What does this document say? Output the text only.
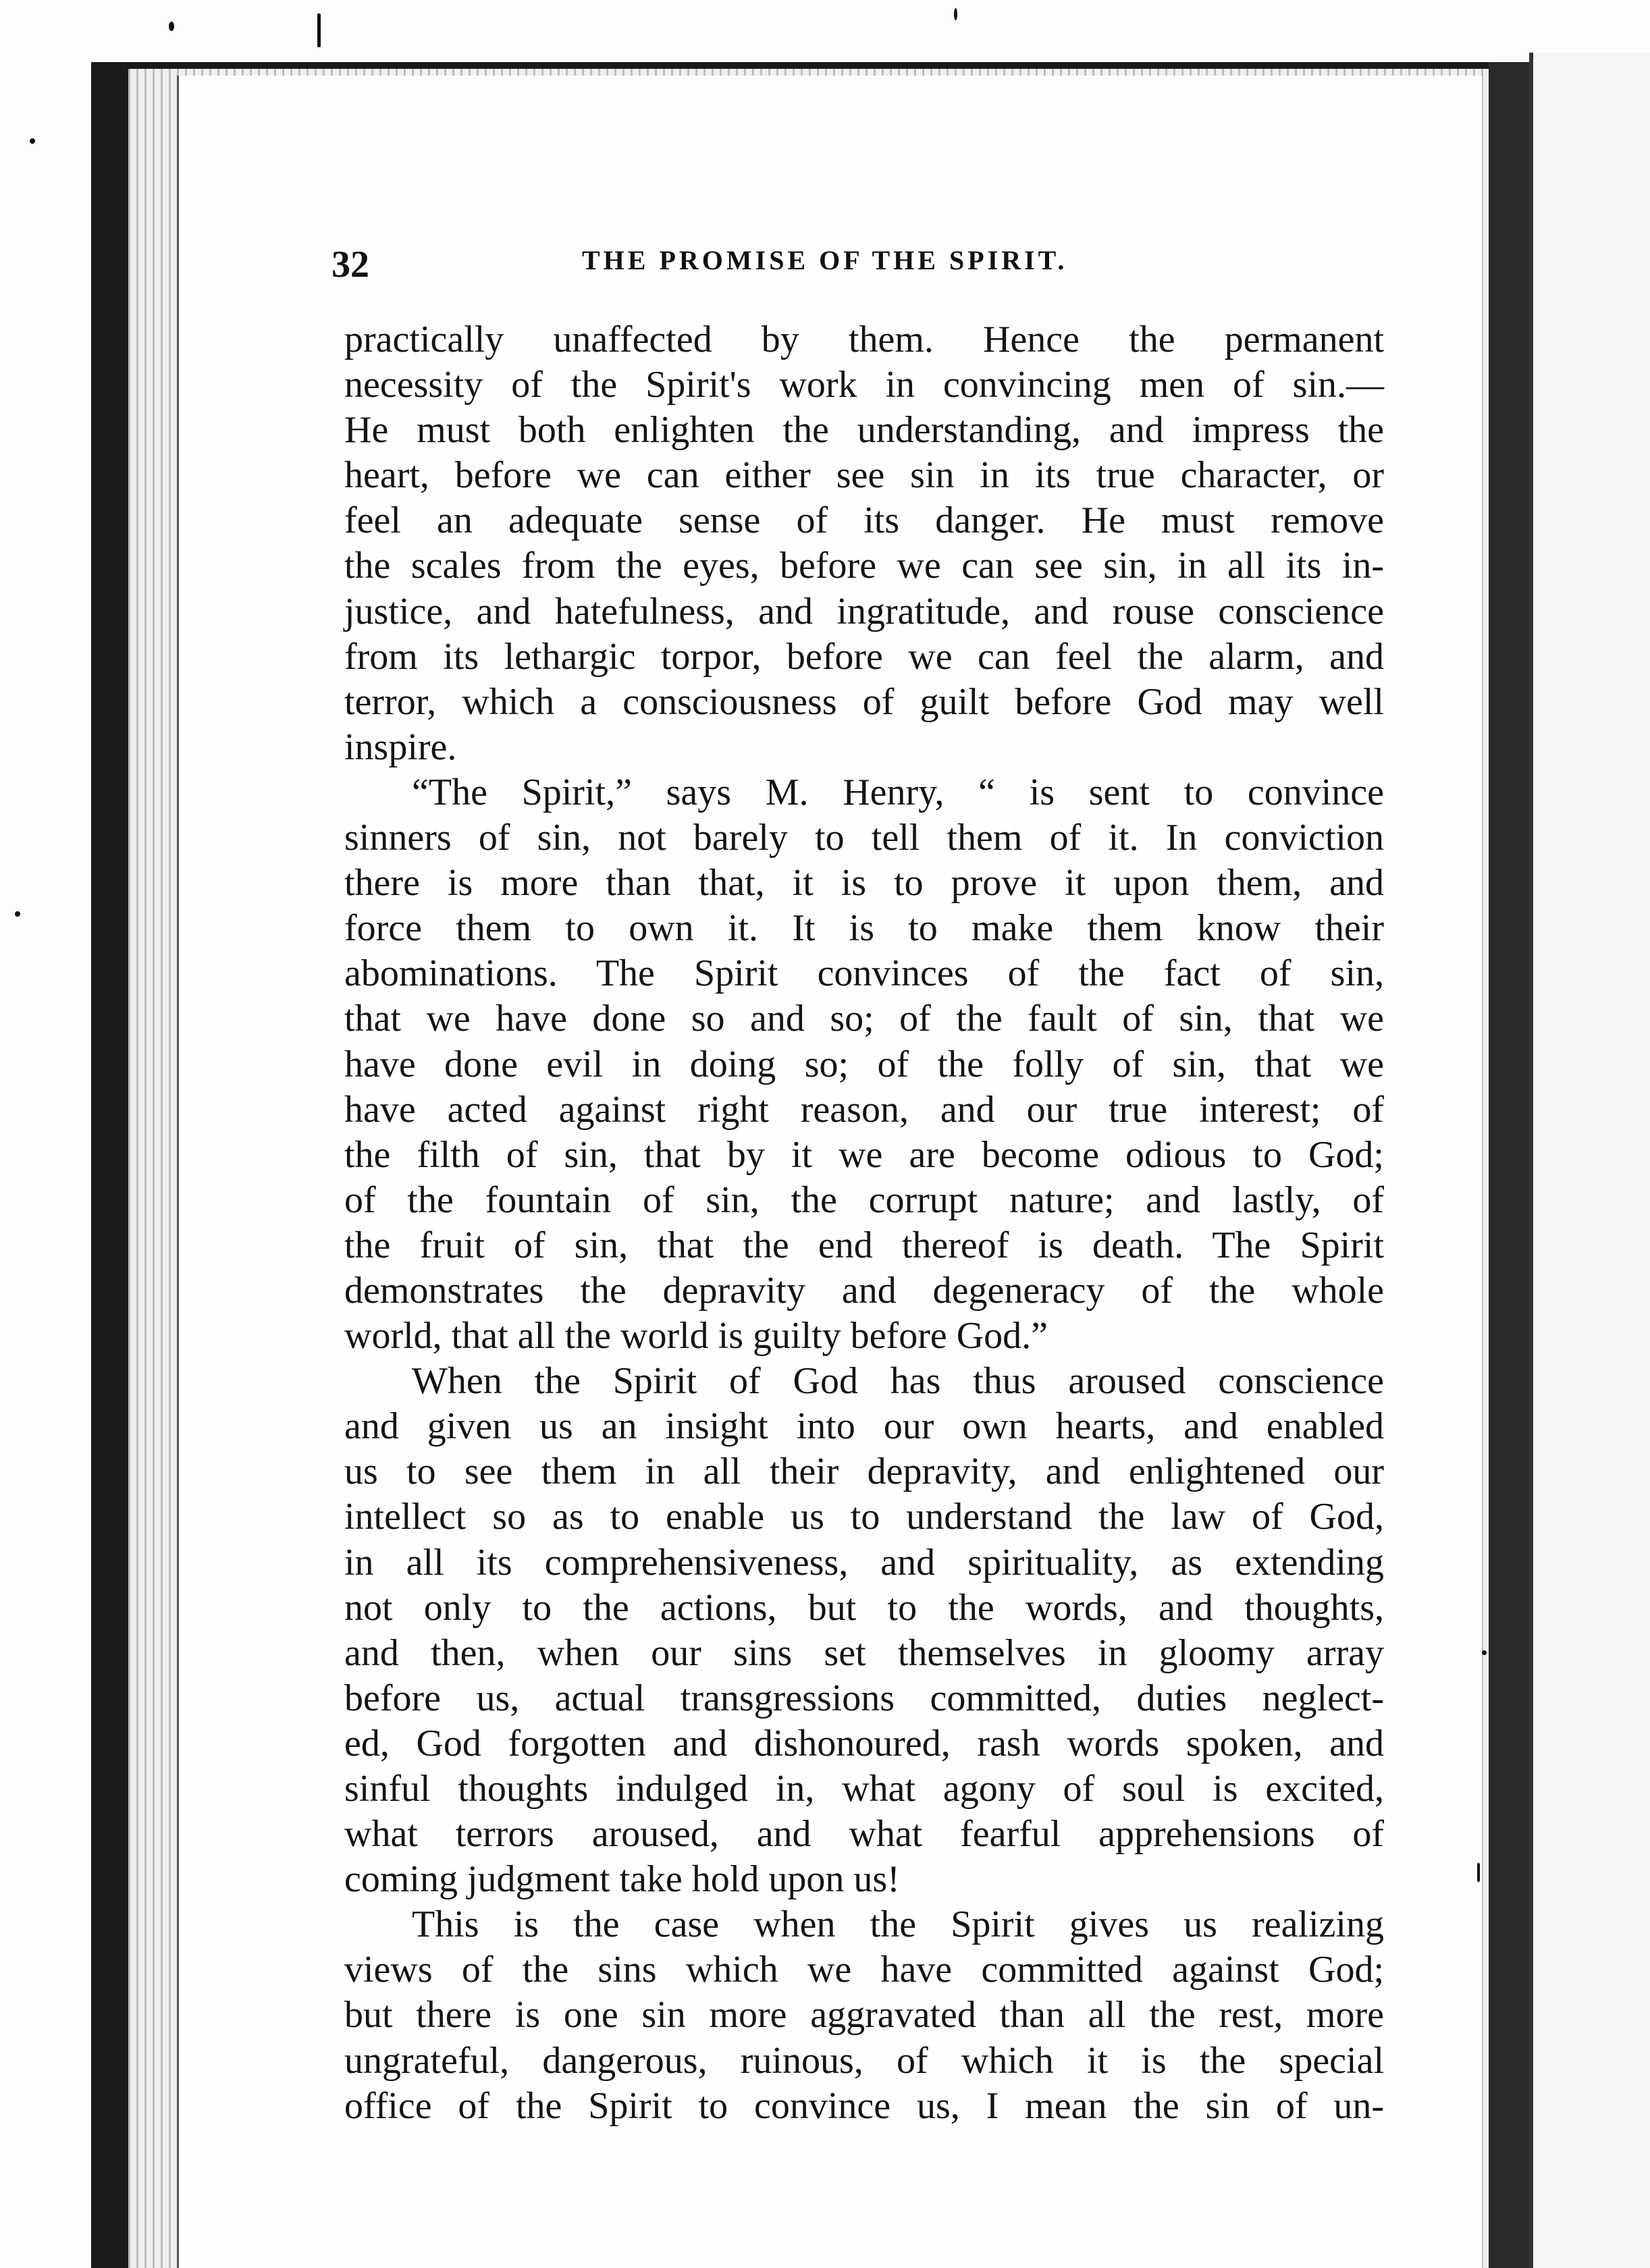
32	THE PROMISE OF THE SPIRIT.
practically unaffected by them. Hence the permanent
necessity of the Spirit's work in convincing men of sin.—
He must both enlighten the understanding, and impress the
heart, before we can either see sin in its true character, or
feel an adequate sense of its danger. He must remove
the scales from the eyes, before we can see sin, in all its in-
justice, and hatefulness, and ingratitude, and rouse conscience
from its lethargic torpor, before we can feel the alarm, and
terror, which a consciousness of guilt before God may well
inspire.
“The Spirit,” says M. Henry, “ is sent to convince
sinners of sin, not barely to tell them of it. In conviction
there is more than that, it is to prove it upon them, and
force them to own it. It is to make them know their
abominations. The Spirit convinces of the fact of sin,
that we have done so and so; of the fault of sin, that we
have done evil in doing so; of the folly of sin, that we
have acted against right reason, and our true interest; of
the filth of sin, that by it we are become odious to God;
of the fountain of sin, the corrupt nature; and lastly, of
the fruit of sin, that the end thereof is death. The Spirit
demonstrates the depravity and degeneracy of the whole
world, that all the world is guilty before God.”
When the Spirit of God has thus aroused conscience
and given us an insight into our own hearts, and enabled
us to see them in all their depravity, and enlightened our
intellect so as to enable us to understand the law of God,
in all its comprehensiveness, and spirituality, as extending
not only to the actions, but to the words, and thoughts,
and then, when our sins set themselves in gloomy array
before us, actual transgressions committed, duties neglect-
ed, God forgotten and dishonoured, rash words spoken, and
sinful thoughts indulged in, what agony of soul is excited,
what terrors aroused, and what fearful apprehensions of
coming judgment take hold upon us!
This is the case when the Spirit gives us realizing
views of the sins which we have committed against God;
but there is one sin more aggravated than all the rest, more
ungrateful, dangerous, ruinous, of which it is the special
office of the Spirit to convince us, I mean the sin of un-
